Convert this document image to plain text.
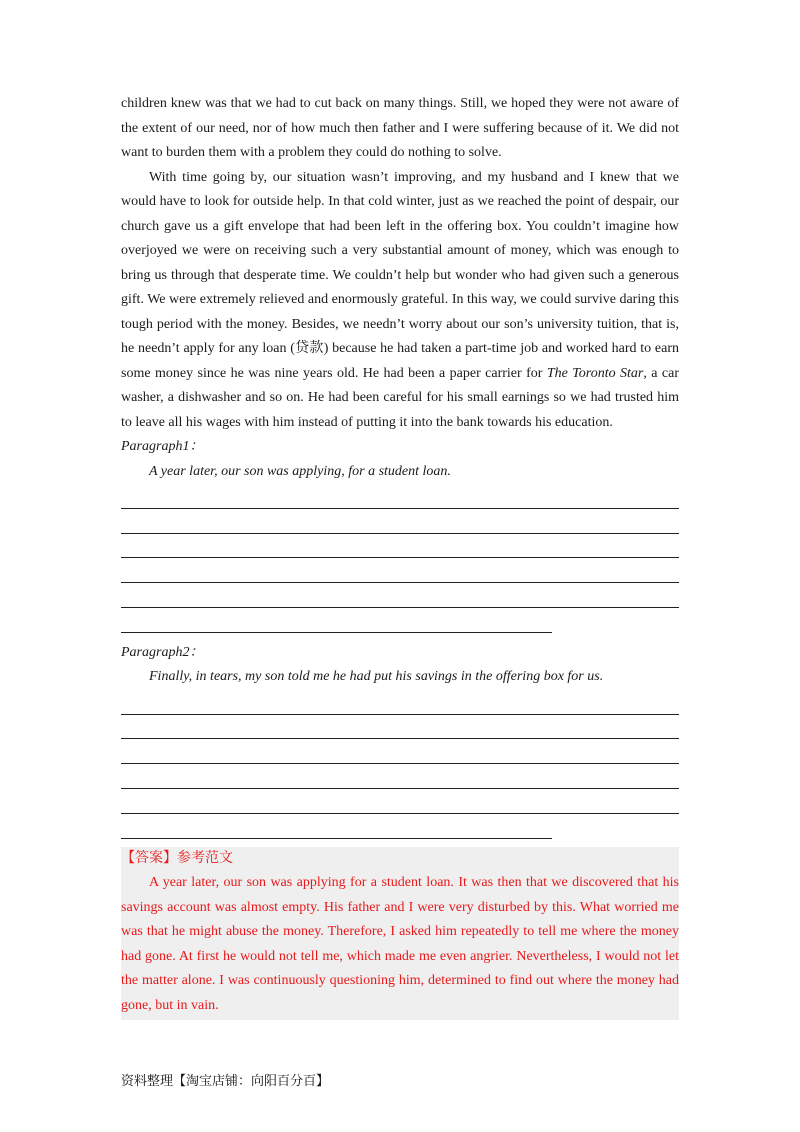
children knew was that we had to cut back on many things. Still, we hoped they were not aware of the extent of our need, nor of how much then father and I were suffering because of it. We did not want to burden them with a problem they could do nothing to solve.

With time going by, our situation wasn’t improving, and my husband and I knew that we would have to look for outside help. In that cold winter, just as we reached the point of despair, our church gave us a gift envelope that had been left in the offering box. You couldn’t imagine how overjoyed we were on receiving such a very substantial amount of money, which was enough to bring us through that desperate time. We couldn’t help but wonder who had given such a generous gift. We were extremely relieved and enormously grateful. In this way, we could survive daring this tough period with the money. Besides, we needn’t worry about our son’s university tuition, that is, he needn’t apply for any loan (贷款) because he had taken a part-time job and worked hard to earn some money since he was nine years old. He had been a paper carrier for The Toronto Star, a car washer, a dishwasher and so on. He had been careful for his small earnings so we had trusted him to leave all his wages with him instead of putting it into the bank towards his education.

Paragraph1：

A year later, our son was applying, for a student loan.

Paragraph2：

Finally, in tears, my son told me he had put his savings in the offering box for us.

【答案】参考范文

A year later, our son was applying for a student loan. It was then that we discovered that his savings account was almost empty. His father and I were very disturbed by this. What worried me was that he might abuse the money. Therefore, I asked him repeatedly to tell me where the money had gone. At first he would not tell me, which made me even angrier. Nevertheless, I would not let the matter alone. I was continuously questioning him, determined to find out where the money had gone, but in vain.

资料整理【淘宝店铺：向阳百分百】
